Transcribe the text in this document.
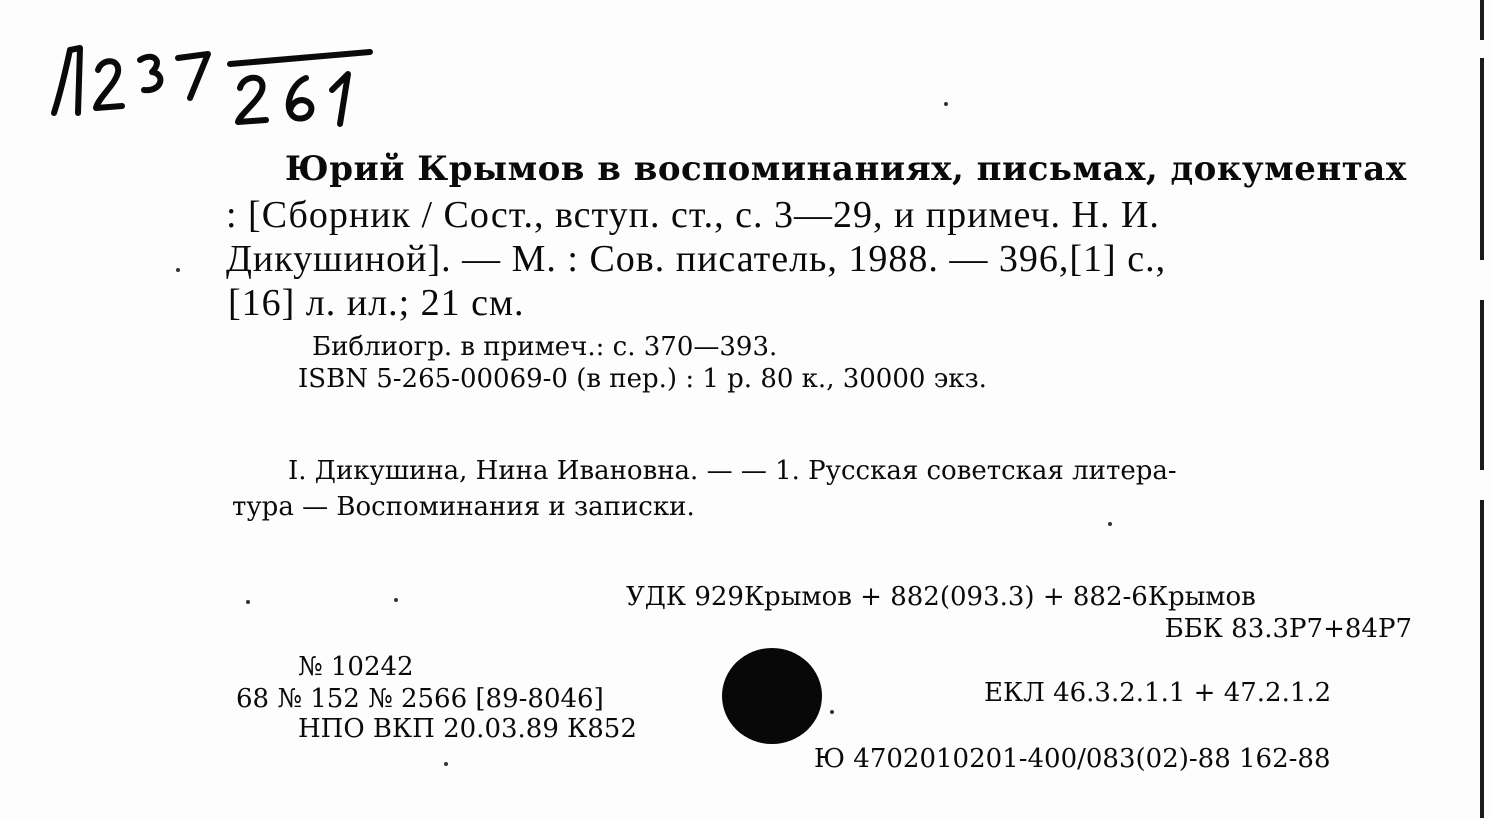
Юрий Крымов в воспоминаниях, письмах, документах
: [Сборник / Сост., вступ. ст., с. 3—29, и примеч. Н. И.
Дикушиной]. — М. : Сов. писатель, 1988. — 396,[1] с.,
[16] л. ил.; 21 см.
Библиогр. в примеч.: с. 370—393.
ISBN 5-265-00069-0 (в пер.) : 1 р. 80 к., 30000 экз.
I. Дикушина, Нина Ивановна. — — 1. Русская советская литера-
тура — Воспоминания и записки.
УДК 929Крымов + 882(093.3) + 882-6Крымов
ББК 83.3Р7+84Р7
№ 10242
68 № 152 № 2566 [89-8046]
НПО ВКП 20.03.89 К852
ЕКЛ 46.3.2.1.1 + 47.2.1.2
Ю 4702010201-400/083(02)-88 162-88
